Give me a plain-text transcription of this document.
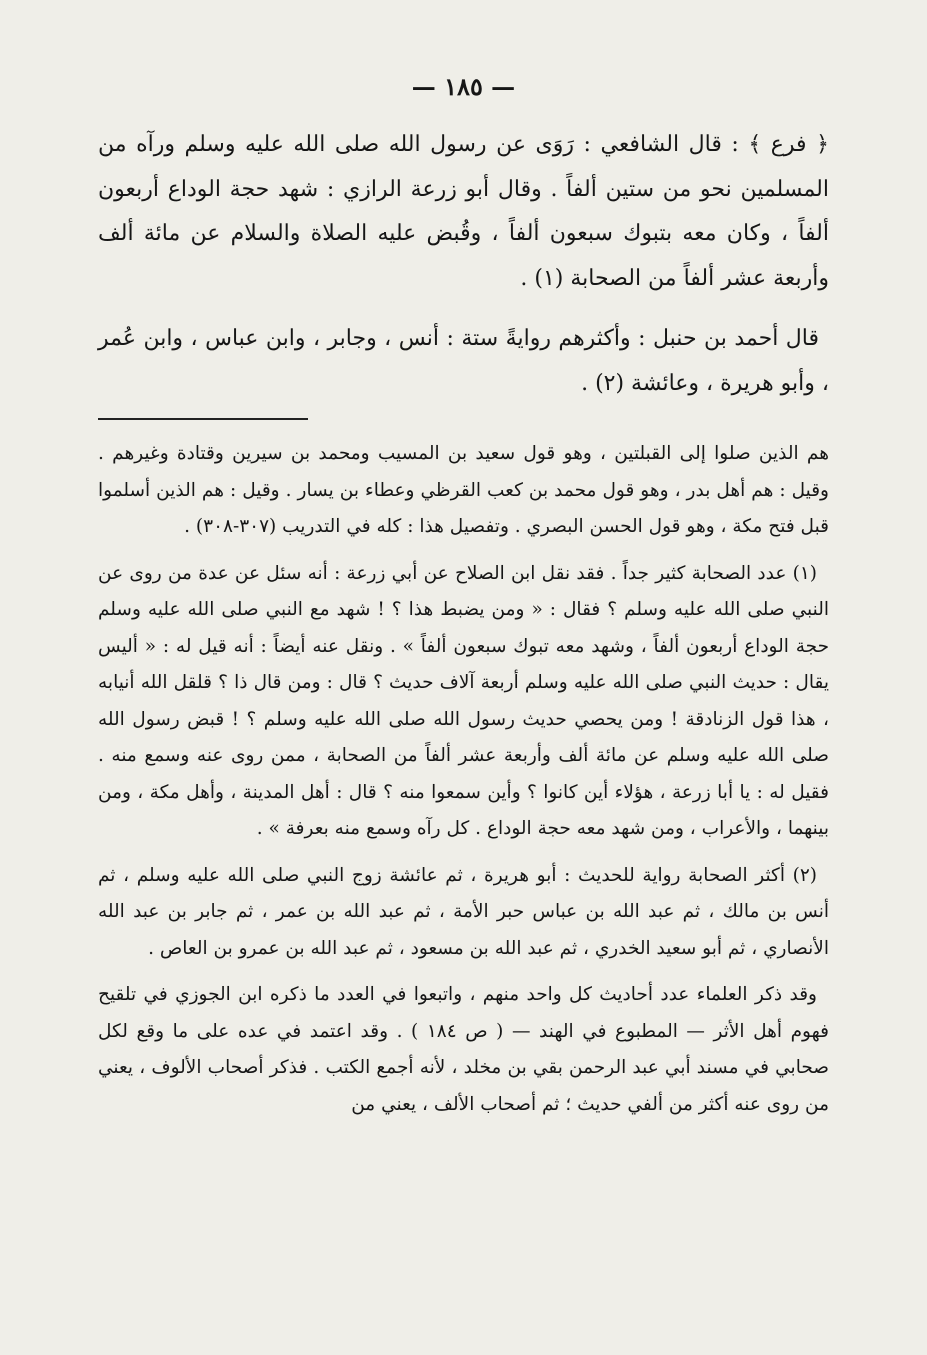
— ١٨٥ —

﴿ فرع ﴾ : قال الشافعي : رَوَى عن رسول الله صلى الله عليه وسلم ورآه من المسلمين نحو من ستين ألفاً . وقال أبو زرعة الرازي : شهد حجة الوداع أربعون ألفاً ، وكان معه بتبوك سبعون ألفاً ، وقُبض عليه الصلاة والسلام عن مائة ألف وأربعة عشر ألفاً من الصحابة (١) .

قال أحمد بن حنبل : وأكثرهم روايةً ستة : أنس ، وجابر ، وابن عباس ، وابن عُمر ، وأبو هريرة ، وعائشة (٢) .

هم الذين صلوا إلى القبلتين ، وهو قول سعيد بن المسيب ومحمد بن سيرين وقتادة وغيرهم . وقيل : هم أهل بدر ، وهو قول محمد بن كعب القرظي وعطاء بن يسار . وقيل : هم الذين أسلموا قبل فتح مكة ، وهو قول الحسن البصري . وتفصيل هذا : كله في التدريب (٣٠٧-٣٠٨) .

(١) عدد الصحابة كثير جداً . فقد نقل ابن الصلاح عن أبي زرعة : أنه سئل عن عدة من روى عن النبي صلى الله عليه وسلم ؟ فقال : « ومن يضبط هذا ؟ ! شهد مع النبي صلى الله عليه وسلم حجة الوداع أربعون ألفاً ، وشهد معه تبوك سبعون ألفاً » . ونقل عنه أيضاً : أنه قيل له : « أليس يقال : حديث النبي صلى الله عليه وسلم أربعة آلاف حديث ؟ قال : ومن قال ذا ؟ قلقل الله أنيابه ، هذا قول الزنادقة ! ومن يحصي حديث رسول الله صلى الله عليه وسلم ؟ ! قبض رسول الله صلى الله عليه وسلم عن مائة ألف وأربعة عشر ألفاً من الصحابة ، ممن روى عنه وسمع منه . فقيل له : يا أبا زرعة ، هؤلاء أين كانوا ؟ وأين سمعوا منه ؟ قال : أهل المدينة ، وأهل مكة ، ومن بينهما ، والأعراب ، ومن شهد معه حجة الوداع . كل رآه وسمع منه بعرفة » .

(٢) أكثر الصحابة رواية للحديث : أبو هريرة ، ثم عائشة زوج النبي صلى الله عليه وسلم ، ثم أنس بن مالك ، ثم عبد الله بن عباس حبر الأمة ، ثم عبد الله بن عمر ، ثم جابر بن عبد الله الأنصاري ، ثم أبو سعيد الخدري ، ثم عبد الله بن مسعود ، ثم عبد الله بن عمرو بن العاص .

وقد ذكر العلماء عدد أحاديث كل واحد منهم ، واتبعوا في العدد ما ذكره ابن الجوزي في تلقيح فهوم أهل الأثر — المطبوع في الهند — ( ص ١٨٤ ) . وقد اعتمد في عده على ما وقع لكل صحابي في مسند أبي عبد الرحمن بقي بن مخلد ، لأنه أجمع الكتب . فذكر أصحاب الألوف ، يعني من روى عنه أكثر من ألفي حديث ؛ ثم أصحاب الألف ، يعني من
